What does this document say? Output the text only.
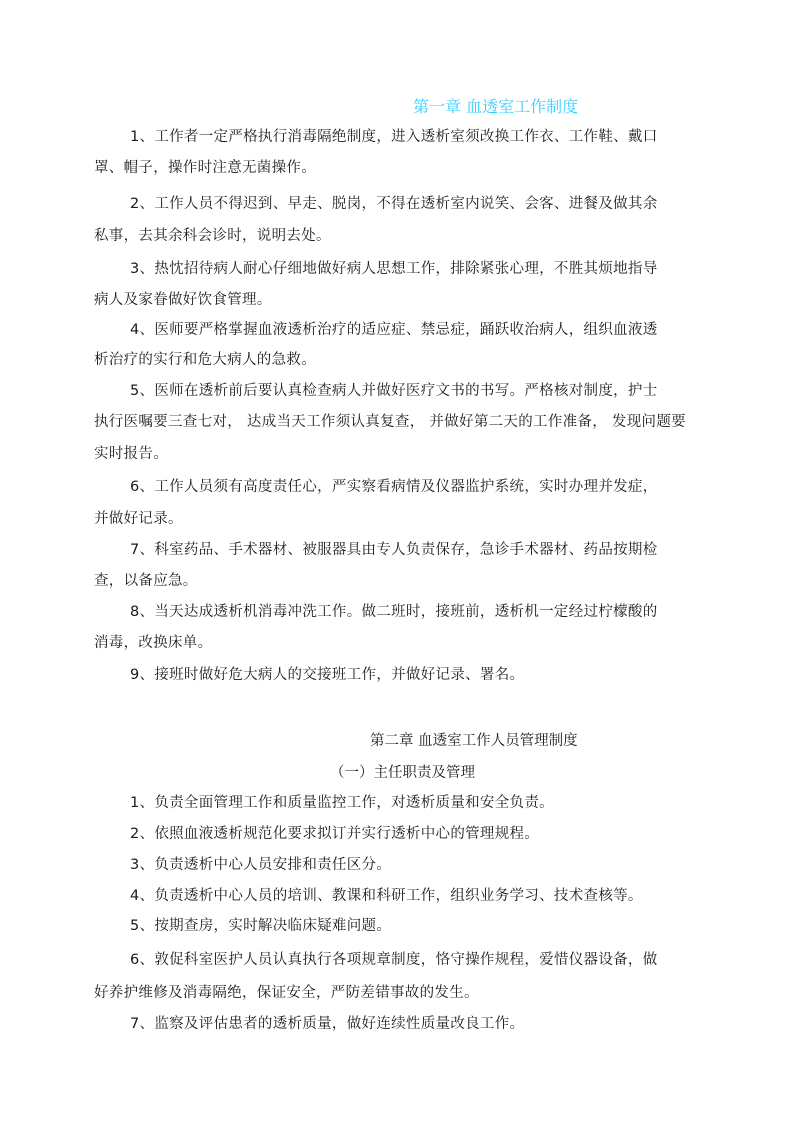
第一章 血透室工作制度
1、工作者一定严格执行消毒隔绝制度，进入透析室须改换工作衣、工作鞋、戴口
罩、帽子，操作时注意无菌操作。
2、工作人员不得迟到、早走、脱岗，不得在透析室内说笑、会客、进餐及做其余
私事，去其余科会诊时，说明去处。
3、热忱招待病人耐心仔细地做好病人思想工作，排除紧张心理，不胜其烦地指导
病人及家眷做好饮食管理。
4、医师要严格掌握血液透析治疗的适应症、禁忌症，踊跃收治病人，组织血液透
析治疗的实行和危大病人的急救。
5、医师在透析前后要认真检查病人并做好医疗文书的书写。严格核对制度，护士
执行医嘱要三查七对， 达成当天工作须认真复查， 并做好第二天的工作准备， 发现问题要
实时报告。
6、工作人员须有高度责任心，严实察看病情及仪器监护系统，实时办理并发症，
并做好记录。
7、科室药品、手术器材、被服器具由专人负责保存，急诊手术器材、药品按期检
查，以备应急。
8、当天达成透析机消毒冲洗工作。做二班时，接班前，透析机一定经过柠檬酸的
消毒，改换床单。
9、接班时做好危大病人的交接班工作，并做好记录、署名。
第二章 血透室工作人员管理制度
（一）主任职责及管理
1、负责全面管理工作和质量监控工作，对透析质量和安全负责。
2、依照血液透析规范化要求拟订并实行透析中心的管理规程。
3、负责透析中心人员安排和责任区分。
4、负责透析中心人员的培训、教课和科研工作，组织业务学习、技术查核等。
5、按期查房，实时解决临床疑难问题。
6、敦促科室医护人员认真执行各项规章制度，恪守操作规程，爱惜仪器设备，做
好养护维修及消毒隔绝，保证安全，严防差错事故的发生。
7、监察及评估患者的透析质量，做好连续性质量改良工作。
